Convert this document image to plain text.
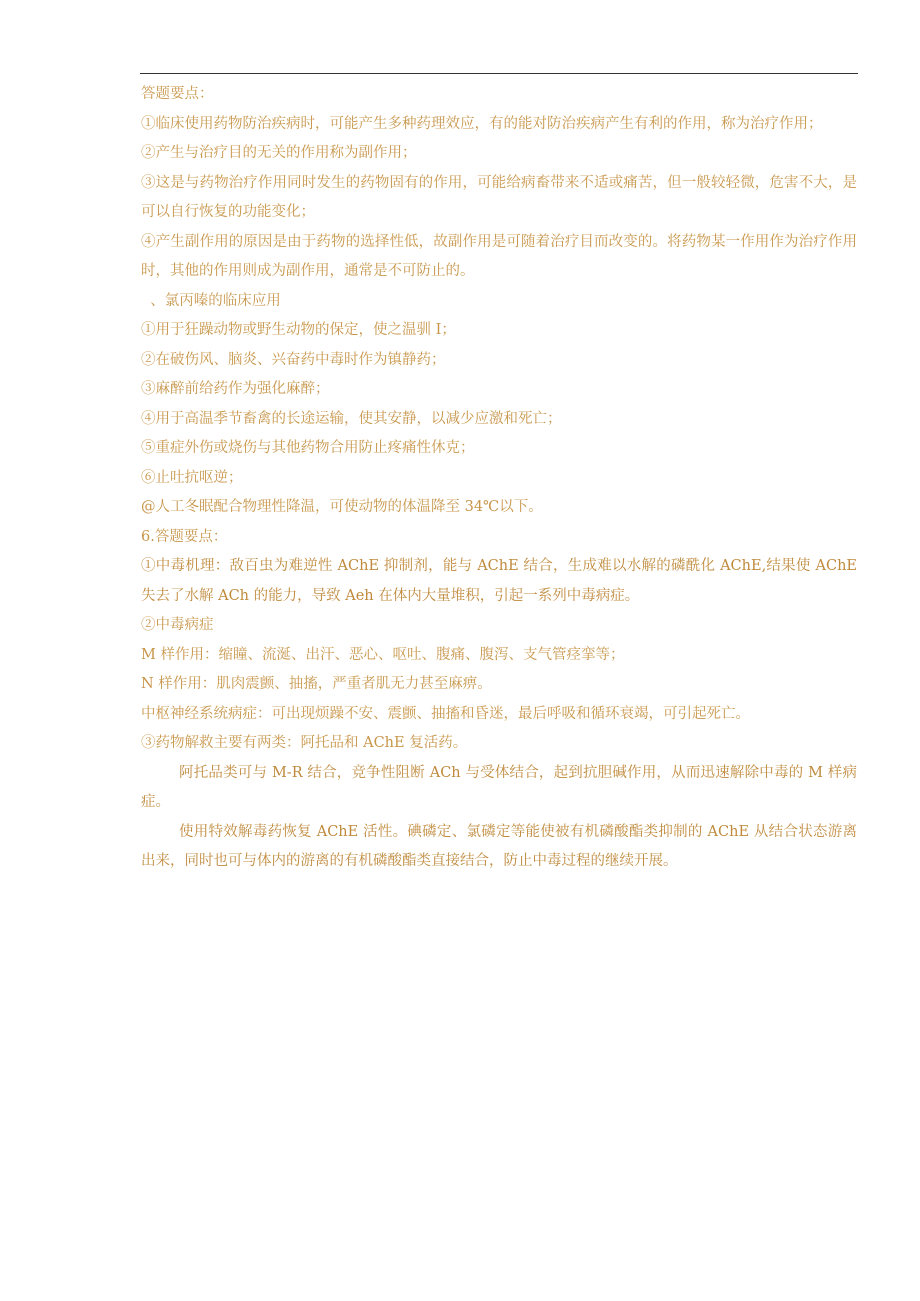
答题要点：

①临床使用药物防治疾病时，可能产生多种药理效应，有的能对防治疾病产生有利的作用，称为治疗作用；

②产生与治疗目的无关的作用称为副作用；

③这是与药物治疗作用同时发生的药物固有的作用，可能给病畜带来不适或痛苦，但一般较轻微，危害不大，是可以自行恢复的功能变化；

④产生副作用的原因是由于药物的选择性低，故副作用是可随着治疗目而改变的。将药物某一作用作为治疗作用时，其他的作用则成为副作用，通常是不可防止的。

、氯丙嗪的临床应用

①用于狂躁动物或野生动物的保定，使之温驯 I；

②在破伤风、脑炎、兴奋药中毒时作为镇静药；

③麻醉前给药作为强化麻醉；

④用于高温季节畜禽的长途运输，使其安静，以减少应激和死亡；

⑤重症外伤或烧伤与其他药物合用防止疼痛性休克；

⑥止吐抗呕逆；

@人工冬眠配合物理性降温，可使动物的体温降至 34℃以下。

6.答题要点：

①中毒机理：敌百虫为难逆性 AChE 抑制剂，能与 AChE 结合，生成难以水解的磷酰化 AChE,结果使 AChE 失去了水解 ACh 的能力，导致 Aeh 在体内大量堆积，引起一系列中毒病症。

②中毒病症

M 样作用：缩瞳、流涎、出汗、恶心、呕吐、腹痛、腹泻、支气管痉挛等；

N 样作用：肌肉震颤、抽搐，严重者肌无力甚至麻痹。

中枢神经系统病症：可出现烦躁不安、震颤、抽搐和昏迷，最后呼吸和循环衰竭，可引起死亡。

③药物解救主要有两类：阿托品和 AChE 复活药。

阿托品类可与 M-R 结合，竞争性阻断 ACh 与受体结合，起到抗胆碱作用，从而迅速解除中毒的 M 样病症。

使用特效解毒药恢复 AChE 活性。碘磷定、氯磷定等能使被有机磷酸酯类抑制的 AChE 从结合状态游离出来，同时也可与体内的游离的有机磷酸酯类直接结合，防止中毒过程的继续开展。
